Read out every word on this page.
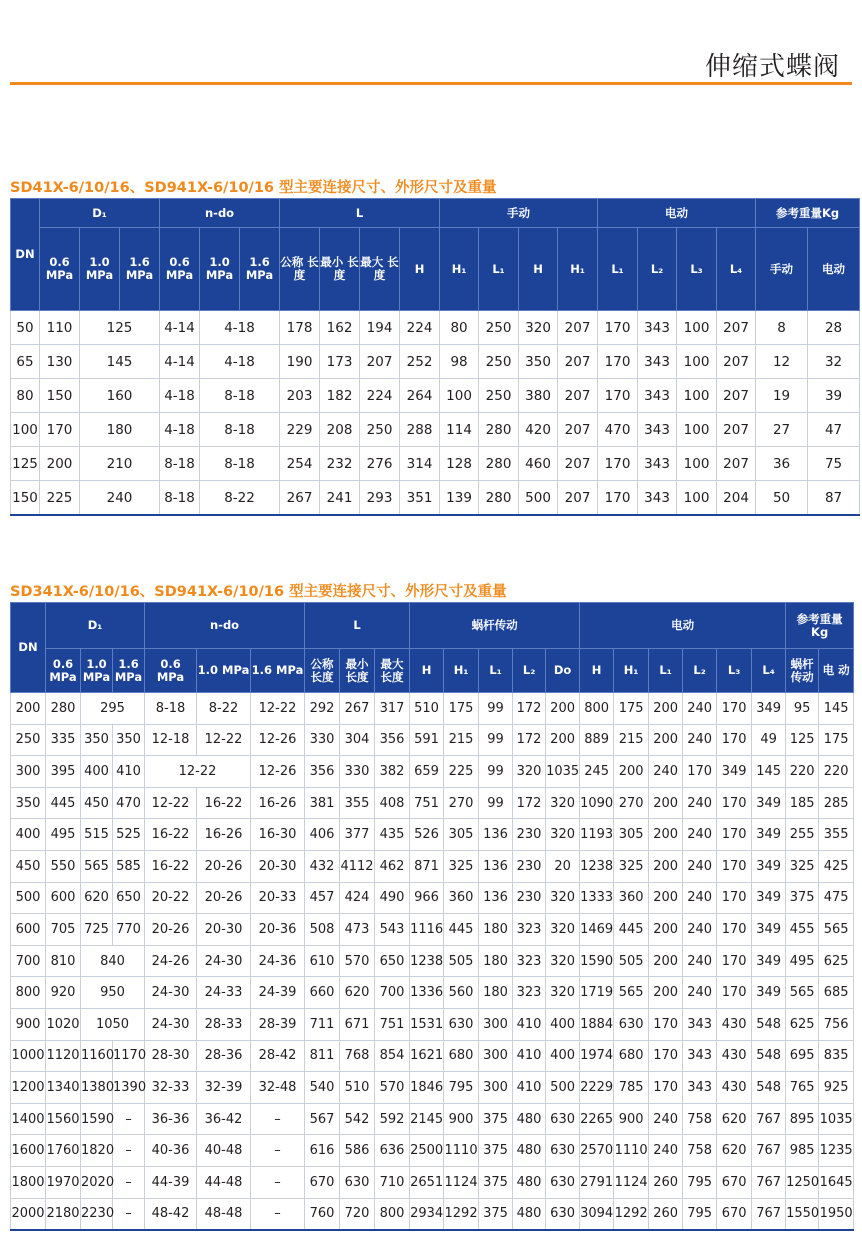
伸缩式蝶阀
SD41X-6/10/16、SD941X-6/10/16 型主要连接尺寸、外形尺寸及重量
DN	D₁			n-do			L				手动				电动				参考重量Kg	
	0.6 MPa	1.0 MPa	1.6 MPa	0.6 MPa	1.0 MPa	1.6 MPa	公称 长度	最小 长度	最大 长度	H	H₁	L₁	H	H₁	L₁	L₂	L₃	L₄	手动	电动
50	110	125		4-14	4-18		178	162	194	224	80	250	320	207	170	343	100	207	8	28
65	130	145		4-14	4-18		190	173	207	252	98	250	350	207	170	343	100	207	12	32
80	150	160		4-18	8-18		203	182	224	264	100	250	380	207	170	343	100	207	19	39
100	170	180		4-18	8-18		229	208	250	288	114	280	420	207	470	343	100	207	27	47
125	200	210		8-18	8-18		254	232	276	314	128	280	460	207	170	343	100	207	36	75
150	225	240		8-18	8-22		267	241	293	351	139	280	500	207	170	343	100	204	50	87
SD341X-6/10/16、SD941X-6/10/16 型主要连接尺寸、外形尺寸及重量
DN	D₁			n-do			L			蜗杆传动					电动						参考重量 Kg	
	0.6 MPa	1.0 MPa	1.6 MPa	0.6 MPa	1.0 MPa	1.6 MPa	公称 长度	最小 长度	最大 长度	H	H₁	L₁	L₂	Do	H	H₁	L₁	L₂	L₃	L₄	蜗杆 传动	电 动
200	280	295		8-18	8-22	12-22	292	267	317	510	175	99	172	200	800	175	200	240	170	349	95	145
250	335	350	350	12-18	12-22	12-26	330	304	356	591	215	99	172	200	889	215	200	240	170	49	125	175
300	395	400	410	12-22		12-26	356	330	382	659	225	99	320	1035	245	200	240	170	349	145	220	220
350	445	450	470	12-22	16-22	16-26	381	355	408	751	270	99	172	320	1090	270	200	240	170	349	185	285
400	495	515	525	16-22	16-26	16-30	406	377	435	526	305	136	230	320	1193	305	200	240	170	349	255	355
450	550	565	585	16-22	20-26	20-30	432	4112	462	871	325	136	230	20	1238	325	200	240	170	349	325	425
500	600	620	650	20-22	20-26	20-33	457	424	490	966	360	136	230	320	1333	360	200	240	170	349	375	475
600	705	725	770	20-26	20-30	20-36	508	473	543	1116	445	180	323	320	1469	445	200	240	170	349	455	565
700	810	840		24-26	24-30	24-36	610	570	650	1238	505	180	323	320	1590	505	200	240	170	349	495	625
800	920	950		24-30	24-33	24-39	660	620	700	1336	560	180	323	320	1719	565	200	240	170	349	565	685
900	1020	1050		24-30	28-33	28-39	711	671	751	1531	630	300	410	400	1884	630	170	343	430	548	625	756
1000	1120	1160	1170	28-30	28-36	28-42	811	768	854	1621	680	300	410	400	1974	680	170	343	430	548	695	835
1200	1340	1380	1390	32-33	32-39	32-48	540	510	570	1846	795	300	410	500	2229	785	170	343	430	548	765	925
1400	1560	1590	–	36-36	36-42	–	567	542	592	2145	900	375	480	630	2265	900	240	758	620	767	895	1035
1600	1760	1820	–	40-36	40-48	–	616	586	636	2500	1110	375	480	630	2570	1110	240	758	620	767	985	1235
1800	1970	2020	–	44-39	44-48	–	670	630	710	2651	1124	375	480	630	2791	1124	260	795	670	767	1250	1645
2000	2180	2230	–	48-42	48-48	–	760	720	800	2934	1292	375	480	630	3094	1292	260	795	670	767	1550	1950
